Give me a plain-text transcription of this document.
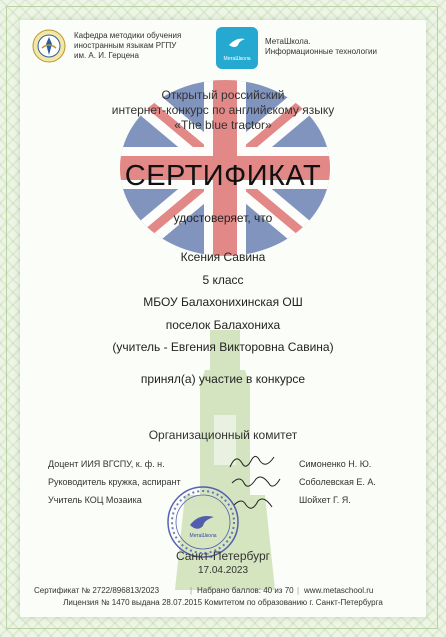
Кафедра методики обучения
иностранным языкам РГПУ
им. А. И. Герцена	МетаШкола
МетаШкола.
Информационные технологии
Открытый российский
интернет-конкурс по английскому языку
«The blue tractor»
СЕРТИФИКАТ
удостоверяет, что
Ксения Савина
5 класс
МБОУ Балахонихинская ОШ
поселок Балахониха
(учитель - Евгения Викторовна Савина)
принял(а) участие в конкурсе
Организационный комитет
Доцент ИИЯ ВГСПУ, к. ф. н.
Руководитель кружка, аспирант
Учитель КОЦ Мозаика
Симоненко Н. Ю.
Соболевская Е. А.
Шойхет Г. Я.
МетаШкола
Санкт-Петербург
17.04.2023
Сертификат № 2722/896813/2023	| Набрано баллов: 40 из 70 | www.metaschool.ru
Лицензия № 1470 выдана 28.07.2015 Комитетом по образованию г. Санкт-Петербурга
